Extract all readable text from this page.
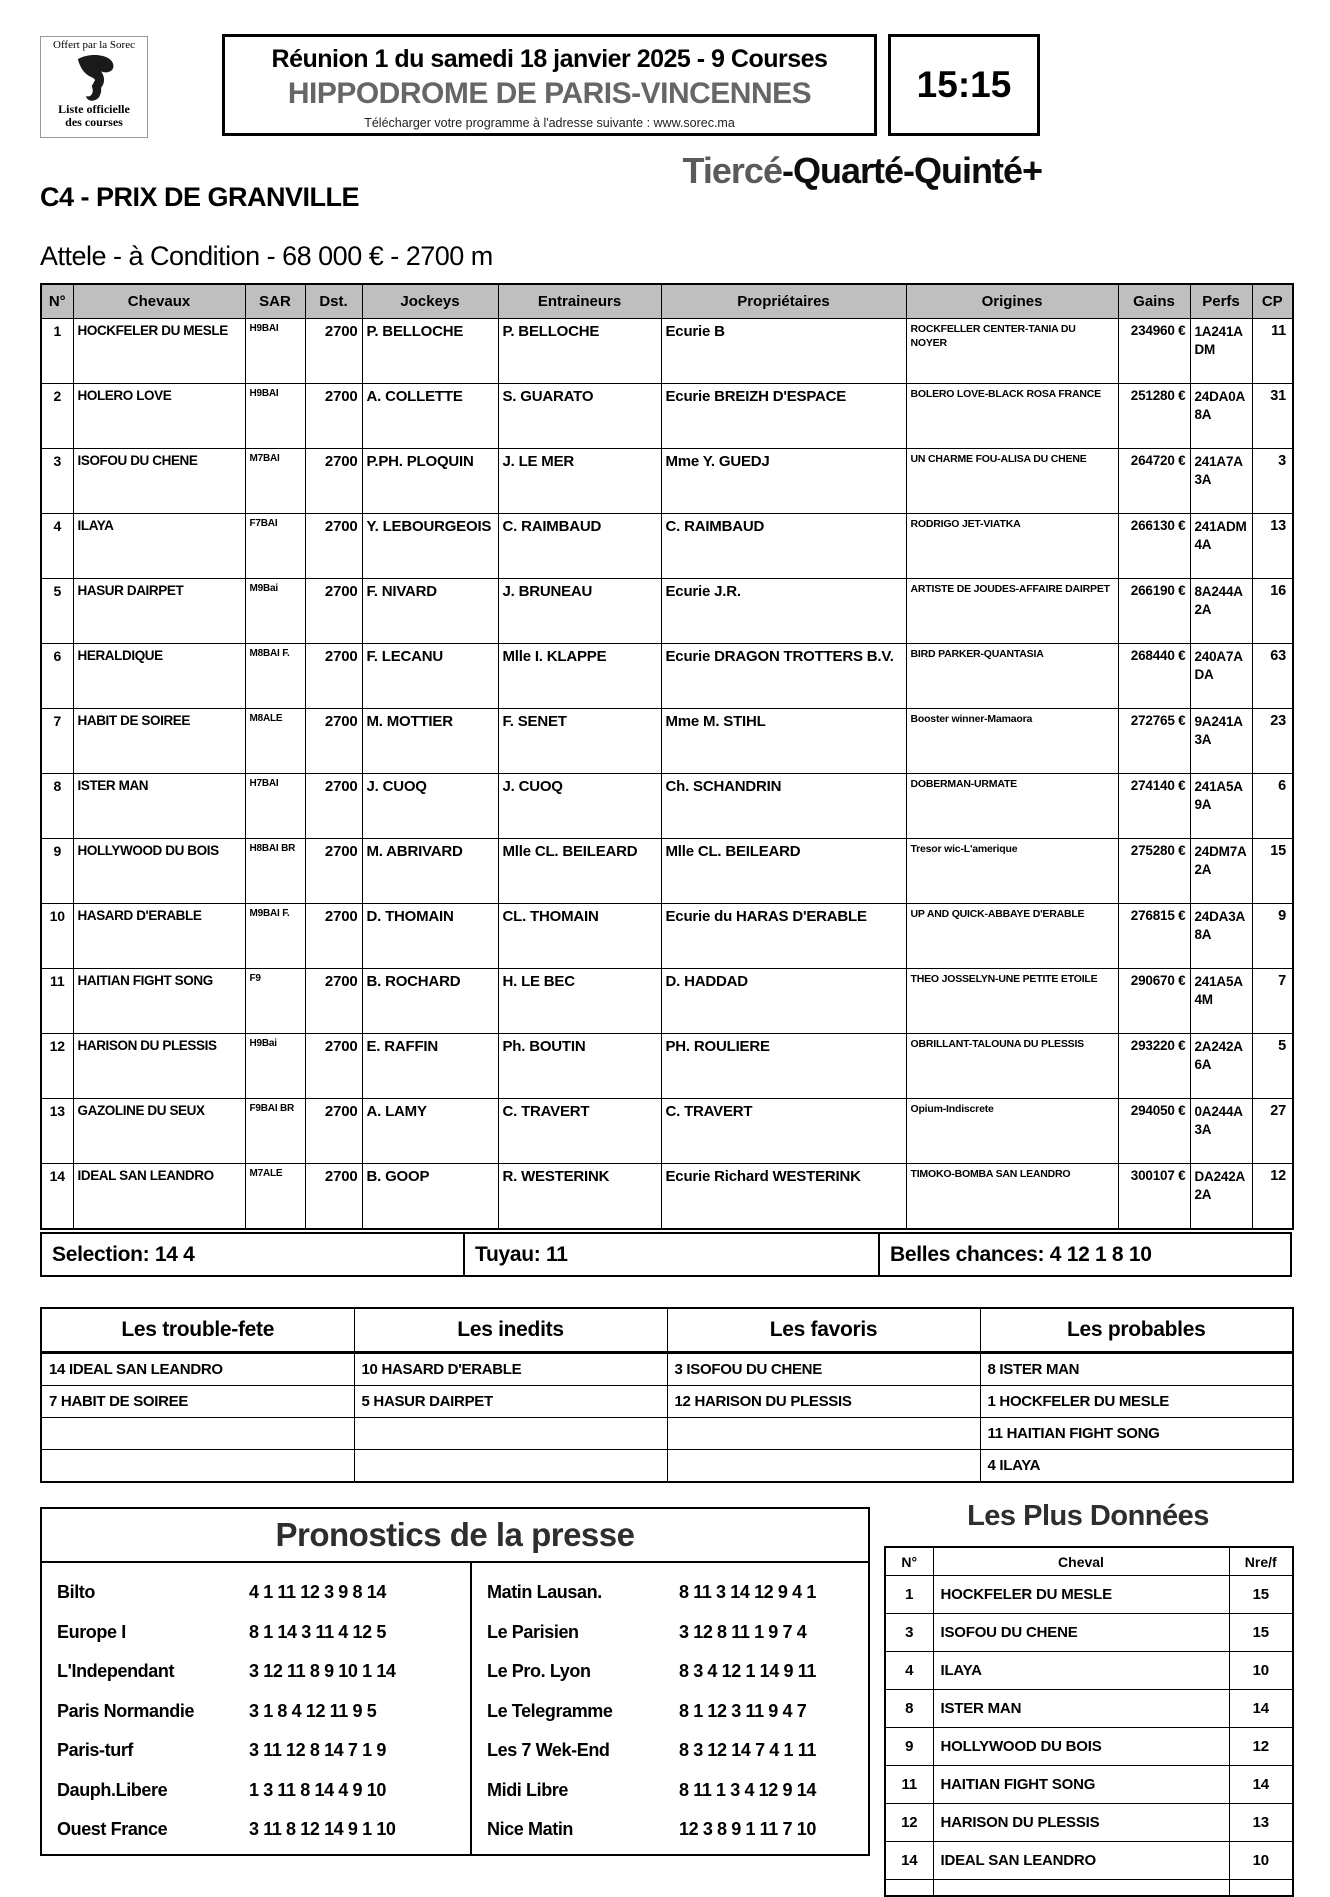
Offert par la Sorec
Liste officielle
des courses
Réunion 1 du samedi 18 janvier 2025 - 9 Courses
HIPPODROME DE PARIS-VINCENNES
Télécharger votre programme à l'adresse suivante : www.sorec.ma
15:15
Tiercé-Quarté-Quinté+
C4 - PRIX DE GRANVILLE
Attele - à Condition - 68 000 € - 2700 m
N°	Chevaux	SAR	Dst.	Jockeys	Entraineurs	Propriétaires	Origines	Gains	Perfs	CP
1	HOCKFELER DU MESLE	H9BAI	2700	P. BELLOCHE	P. BELLOCHE	Ecurie B	ROCKFELLER CENTER-TANIA DU NOYER	234960 €	1A241A DM	11
2	HOLERO LOVE	H9BAI	2700	A. COLLETTE	S. GUARATO	Ecurie BREIZH D'ESPACE	BOLERO LOVE-BLACK ROSA FRANCE	251280 €	24DA0A 8A	31
3	ISOFOU DU CHENE	M7BAI	2700	P.PH. PLOQUIN	J. LE MER	Mme Y. GUEDJ	UN CHARME FOU-ALISA DU CHENE	264720 €	241A7A 3A	3
4	ILAYA	F7BAI	2700	Y. LEBOURGEOIS	C. RAIMBAUD	C. RAIMBAUD	RODRIGO JET-VIATKA	266130 €	241ADM 4A	13
5	HASUR DAIRPET	M9Bai	2700	F. NIVARD	J. BRUNEAU	Ecurie J.R.	ARTISTE DE JOUDES-AFFAIRE DAIRPET	266190 €	8A244A 2A	16
6	HERALDIQUE	M8BAI F.	2700	F. LECANU	Mlle I. KLAPPE	Ecurie DRAGON TROTTERS B.V.	BIRD PARKER-QUANTASIA	268440 €	240A7A DA	63
7	HABIT DE SOIREE	M8ALE	2700	M. MOTTIER	F. SENET	Mme M. STIHL	Booster winner-Mamaora	272765 €	9A241A 3A	23
8	ISTER MAN	H7BAI	2700	J. CUOQ	J. CUOQ	Ch. SCHANDRIN	DOBERMAN-URMATE	274140 €	241A5A 9A	6
9	HOLLYWOOD DU BOIS	H8BAI BR	2700	M. ABRIVARD	Mlle CL. BEILEARD	Mlle CL. BEILEARD	Tresor wic-L'amerique	275280 €	24DM7A 2A	15
10	HASARD D'ERABLE	M9BAI F.	2700	D. THOMAIN	CL. THOMAIN	Ecurie du HARAS D'ERABLE	UP AND QUICK-ABBAYE D'ERABLE	276815 €	24DA3A 8A	9
11	HAITIAN FIGHT SONG	F9	2700	B. ROCHARD	H. LE BEC	D. HADDAD	THEO JOSSELYN-UNE PETITE ETOILE	290670 €	241A5A 4M	7
12	HARISON DU PLESSIS	H9Bai	2700	E. RAFFIN	Ph. BOUTIN	PH. ROULIERE	OBRILLANT-TALOUNA DU PLESSIS	293220 €	2A242A 6A	5
13	GAZOLINE DU SEUX	F9BAI BR	2700	A. LAMY	C. TRAVERT	C. TRAVERT	Opium-Indiscrete	294050 €	0A244A 3A	27
14	IDEAL SAN LEANDRO	M7ALE	2700	B. GOOP	R. WESTERINK	Ecurie Richard WESTERINK	TIMOKO-BOMBA SAN LEANDRO	300107 €	DA242A 2A	12
Selection: 14 4	Tuyau: 11	Belles chances: 4 12 1 8 10
Les trouble-fete	Les inedits	Les favoris	Les probables
14 IDEAL SAN LEANDRO	10 HASARD D'ERABLE	3 ISOFOU DU CHENE	8 ISTER MAN
7 HABIT DE SOIREE	5 HASUR DAIRPET	12 HARISON DU PLESSIS	1 HOCKFELER DU MESLE
			11 HAITIAN FIGHT SONG
			4 ILAYA
Pronostics de la presse
Bilto	4 1 11 12 3 9 8 14
Europe I	8 1 14 3 11 4 12 5
L'Independant	3 12 11 8 9 10 1 14
Paris Normandie	3 1 8 4 12 11 9 5
Paris-turf	3 11 12 8 14 7 1 9
Dauph.Libere	1 3 11 8 14 4 9 10
Ouest France	3 11 8 12 14 9 1 10
Matin Lausan.	8 11 3 14 12 9 4 1
Le Parisien	3 12 8 11 1 9 7 4
Le Pro. Lyon	8 3 4 12 1 14 9 11
Le Telegramme	8 1 12 3 11 9 4 7
Les 7 Wek-End	8 3 12 14 7 4 1 11
Midi Libre	8 11 1 3 4 12 9 14
Nice Matin	12 3 8 9 1 11 7 10
Les Plus Données
N°	Cheval	Nre/f
1	HOCKFELER DU MESLE	15
3	ISOFOU DU CHENE	15
4	ILAYA	10
8	ISTER MAN	14
9	HOLLYWOOD DU BOIS	12
11	HAITIAN FIGHT SONG	14
12	HARISON DU PLESSIS	13
14	IDEAL SAN LEANDRO	10
